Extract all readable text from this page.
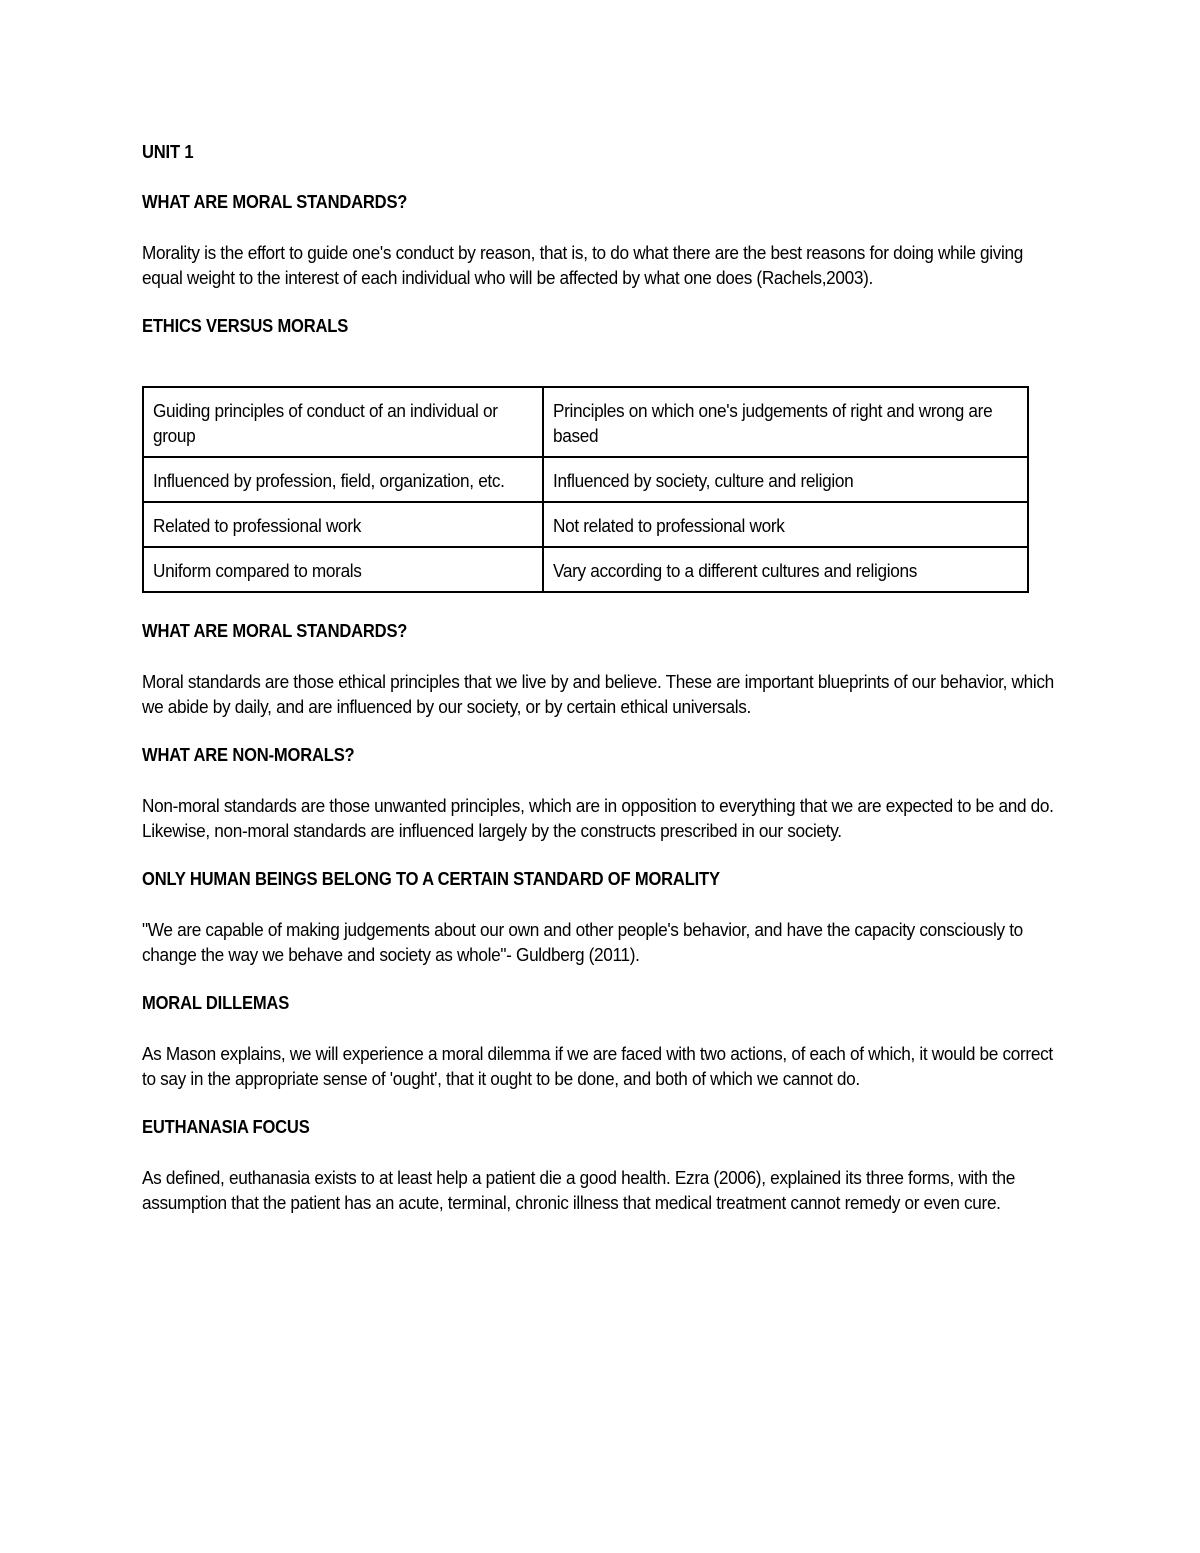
UNIT 1
WHAT ARE MORAL STANDARDS?

Morality is the effort to guide one's conduct by reason, that is, to do what there are the best reasons for doing while giving equal weight to the interest of each individual who will be affected by what one does (Rachels,2003).

ETHICS VERSUS MORALS
Guiding principles of conduct of an individual or group	Principles on which one's judgements of right and wrong are based
Influenced by profession, field, organization, etc.	Influenced by society, culture and religion
Related to professional work	Not related to professional work
Uniform compared to morals	Vary according to a different cultures and religions
WHAT ARE MORAL STANDARDS?

Moral standards are those ethical principles that we live by and believe. These are important blueprints of our behavior, which we abide by daily, and are influenced by our society, or by certain ethical universals.

WHAT ARE NON-MORALS?

Non-moral standards are those unwanted principles, which are in opposition to everything that we are expected to be and do. Likewise, non-moral standards are influenced largely by the constructs prescribed in our society.

ONLY HUMAN BEINGS BELONG TO A CERTAIN STANDARD OF MORALITY

"We are capable of making judgements about our own and other people's behavior, and have the capacity consciously to change the way we behave and society as whole"- Guldberg (2011).

MORAL DILLEMAS

As Mason explains, we will experience a moral dilemma if we are faced with two actions, of each of which, it would be correct to say in the appropriate sense of 'ought', that it ought to be done, and both of which we cannot do.

EUTHANASIA FOCUS

As defined, euthanasia exists to at least help a patient die a good health. Ezra (2006), explained its three forms, with the assumption that the patient has an acute, terminal, chronic illness that medical treatment cannot remedy or even cure.
